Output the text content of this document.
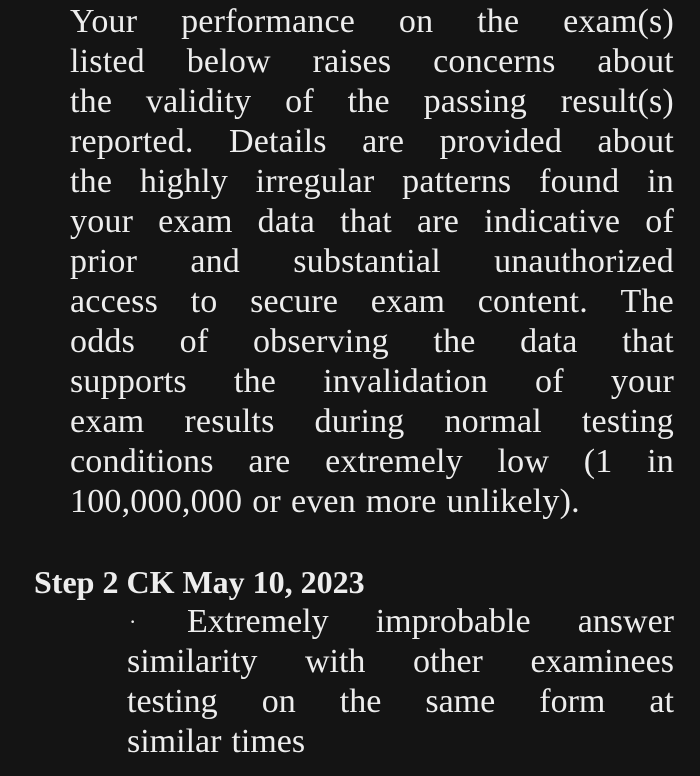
Your performance on the exam(s)
listed below raises concerns about
the validity of the passing result(s)
reported. Details are provided about
the highly irregular patterns found in
your exam data that are indicative of
prior and substantial unauthorized
access to secure exam content. The
odds of observing the data that
supports the invalidation of your
exam results during normal testing
conditions are extremely low (1 in
100,000,000 or even more unlikely).
Step 2 CK May 10, 2023
·	Extremely improbable answer
similarity with other examinees
testing on the same form at
similar times
